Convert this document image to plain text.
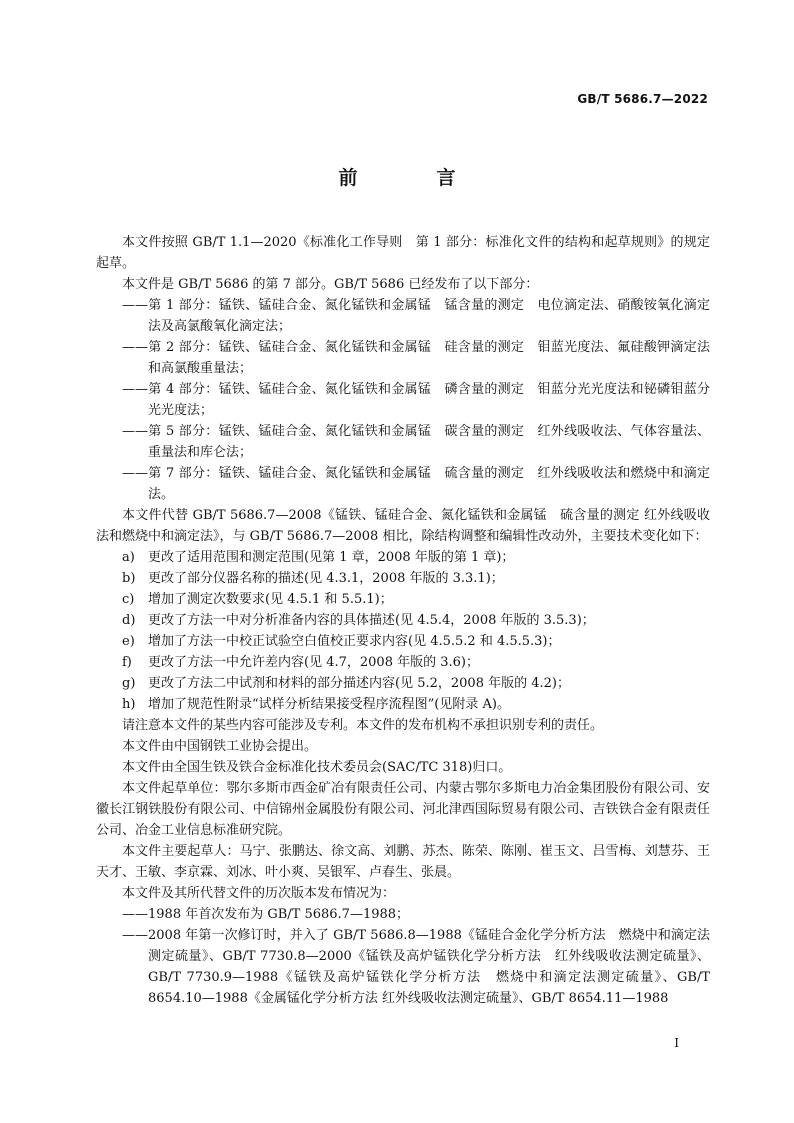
GB/T 5686.7—2022
前　言

本文件按照 GB/T 1.1—2020《标准化工作导则　第 1 部分：标准化文件的结构和起草规则》的规定起草。

本文件是 GB/T 5686 的第 7 部分。GB/T 5686 已经发布了以下部分：

——第 1 部分：锰铁、锰硅合金、氮化锰铁和金属锰　锰含量的测定　电位滴定法、硝酸铵氧化滴定法及高氯酸氧化滴定法；

——第 2 部分：锰铁、锰硅合金、氮化锰铁和金属锰　硅含量的测定　钼蓝光度法、氟硅酸钾滴定法和高氯酸重量法；

——第 4 部分：锰铁、锰硅合金、氮化锰铁和金属锰　磷含量的测定　钼蓝分光光度法和铋磷钼蓝分光光度法；

——第 5 部分：锰铁、锰硅合金、氮化锰铁和金属锰　碳含量的测定　红外线吸收法、气体容量法、重量法和库仑法；

——第 7 部分：锰铁、锰硅合金、氮化锰铁和金属锰　硫含量的测定　红外线吸收法和燃烧中和滴定法。

本文件代替 GB/T 5686.7—2008《锰铁、锰硅合金、氮化锰铁和金属锰　硫含量的测定 红外线吸收法和燃烧中和滴定法》，与 GB/T 5686.7—2008 相比，除结构调整和编辑性改动外，主要技术变化如下：

a) 更改了适用范围和测定范围(见第 1 章，2008 年版的第 1 章)；
b) 更改了部分仪器名称的描述(见 4.3.1，2008 年版的 3.3.1)；
c) 增加了测定次数要求(见 4.5.1 和 5.5.1)；
d) 更改了方法一中对分析准备内容的具体描述(见 4.5.4，2008 年版的 3.5.3)；
e) 增加了方法一中校正试验空白值校正要求内容(见 4.5.5.2 和 4.5.5.3)；
f) 更改了方法一中允许差内容(见 4.7，2008 年版的 3.6)；
g) 更改了方法二中试剂和材料的部分描述内容(见 5.2，2008 年版的 4.2)；
h) 增加了规范性附录“试样分析结果接受程序流程图”(见附录 A)。

请注意本文件的某些内容可能涉及专利。本文件的发布机构不承担识别专利的责任。

本文件由中国钢铁工业协会提出。

本文件由全国生铁及铁合金标准化技术委员会(SAC/TC 318)归口。

本文件起草单位：鄂尔多斯市西金矿冶有限责任公司、内蒙古鄂尔多斯电力冶金集团股份有限公司、安徽长江钢铁股份有限公司、中信锦州金属股份有限公司、河北津西国际贸易有限公司、吉铁铁合金有限责任公司、冶金工业信息标准研究院。

本文件主要起草人：马宁、张鹏达、徐文高、刘鹏、苏杰、陈荣、陈刚、崔玉文、吕雪梅、刘慧芬、王天才、王敏、李京霖、刘冰、叶小爽、吴银军、卢春生、张晨。

本文件及其所代替文件的历次版本发布情况为：

——1988 年首次发布为 GB/T 5686.7—1988；

——2008 年第一次修订时，并入了 GB/T 5686.8—1988《锰硅合金化学分析方法　燃烧中和滴定法测定硫量》、GB/T 7730.8—2000《锰铁及高炉锰铁化学分析方法　红外线吸收法测定硫量》、GB/T 7730.9—1988《锰铁及高炉锰铁化学分析方法　燃烧中和滴定法测定硫量》、GB/T 8654.10—1988《金属锰化学分析方法 红外线吸收法测定硫量》、GB/T 8654.11—1988

I
